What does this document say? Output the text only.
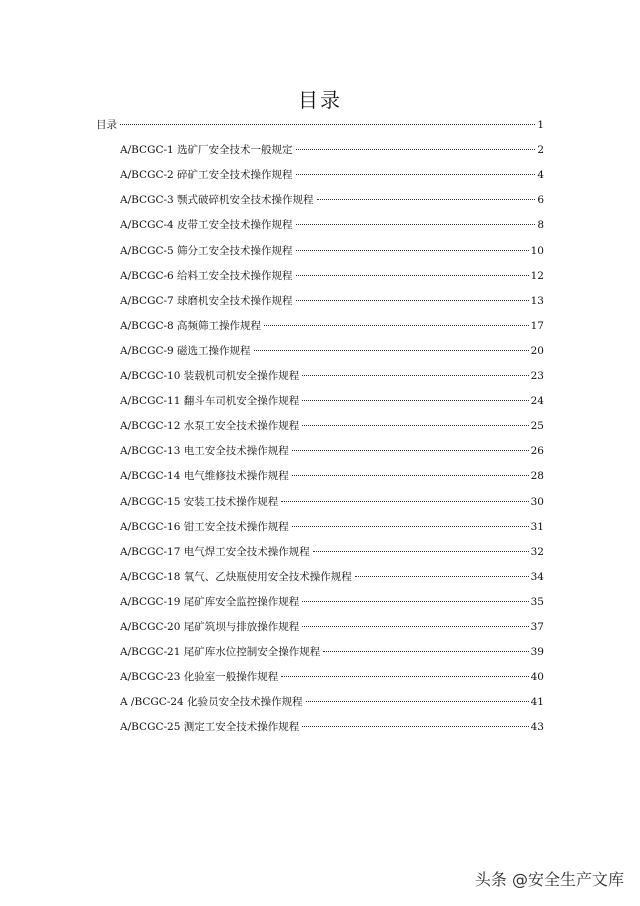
目录
目录	1
A/BCGC-1 选矿厂安全技术一般规定	2
A/BCGC-2 碎矿工安全技术操作规程	4
A/BCGC-3 颚式破碎机安全技术操作规程	6
A/BCGC-4 皮带工安全技术操作规程	8
A/BCGC-5 筛分工安全技术操作规程	10
A/BCGC-6 给料工安全技术操作规程	12
A/BCGC-7 球磨机安全技术操作规程	13
A/BCGC-8 高频筛工操作规程	17
A/BCGC-9 磁选工操作规程	20
A/BCGC-10 装载机司机安全操作规程	23
A/BCGC-11 翻斗车司机安全操作规程	24
A/BCGC-12 水泵工安全技术操作规程	25
A/BCGC-13 电工安全技术操作规程	26
A/BCGC-14 电气维修技术操作规程	28
A/BCGC-15 安装工技术操作规程	30
A/BCGC-16 钳工安全技术操作规程	31
A/BCGC-17 电气焊工安全技术操作规程	32
A/BCGC-18 氧气、乙炔瓶使用安全技术操作规程	34
A/BCGC-19 尾矿库安全监控操作规程	35
A/BCGC-20 尾矿筑坝与排放操作规程	37
A/BCGC-21 尾矿库水位控制安全操作规程	39
A/BCGC-23 化验室一般操作规程	40
A /BCGC-24 化验员安全技术操作规程	41
A/BCGC-25 测定工安全技术操作规程	43
头条 @安全生产文库
